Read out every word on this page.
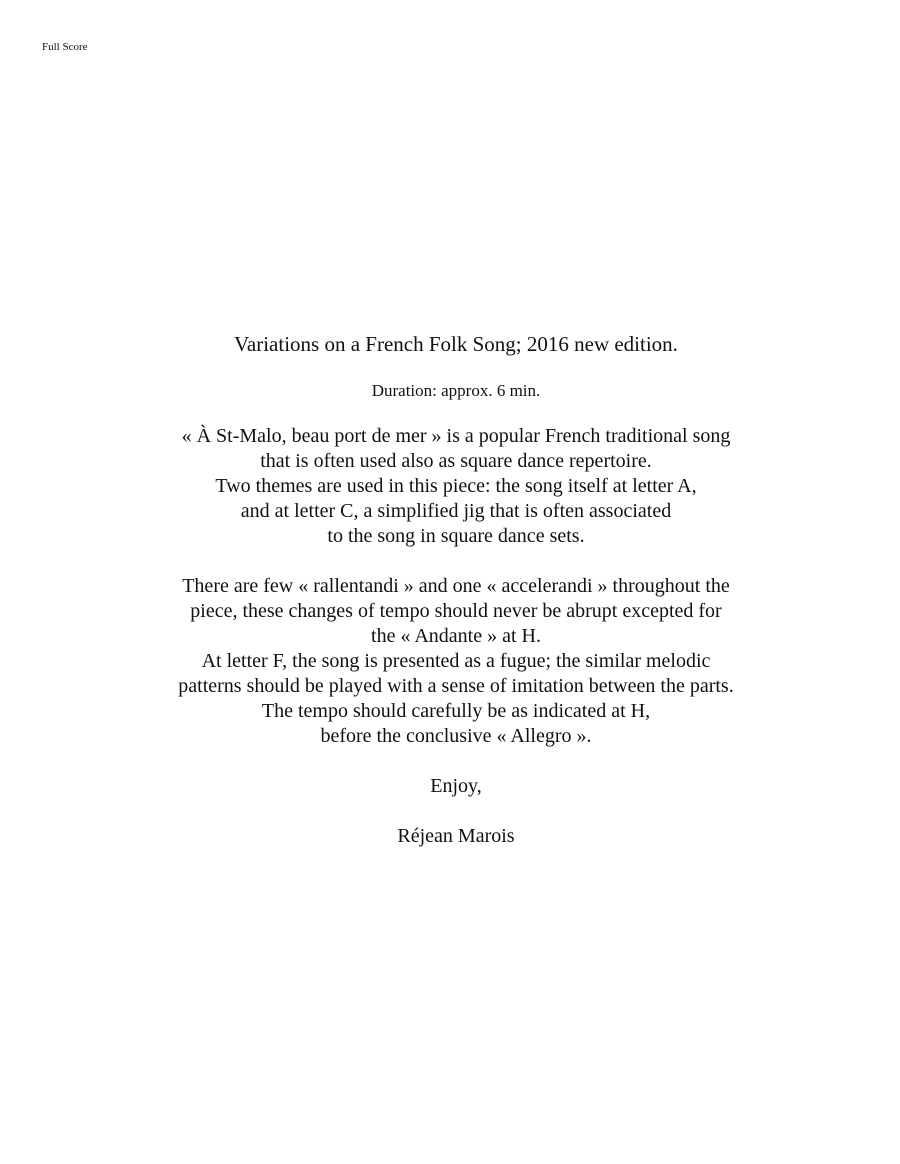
Full Score
Variations on a French Folk Song; 2016 new edition.
Duration: approx. 6 min.
« À St-Malo, beau port de mer » is a popular French traditional song
that is often used also as square dance repertoire.
Two themes are used in this piece: the song itself at letter A,
and at letter C, a simplified jig that is often associated
to the song in square dance sets.
There are few « rallentandi » and one « accelerandi » throughout the
piece, these changes of tempo should never be abrupt excepted for
the « Andante » at H.
At letter F, the song is presented as a fugue; the similar melodic
patterns should be played with a sense of imitation between the parts.
The tempo should carefully be as indicated at H,
before the conclusive « Allegro ».
Enjoy,
Réjean Marois
